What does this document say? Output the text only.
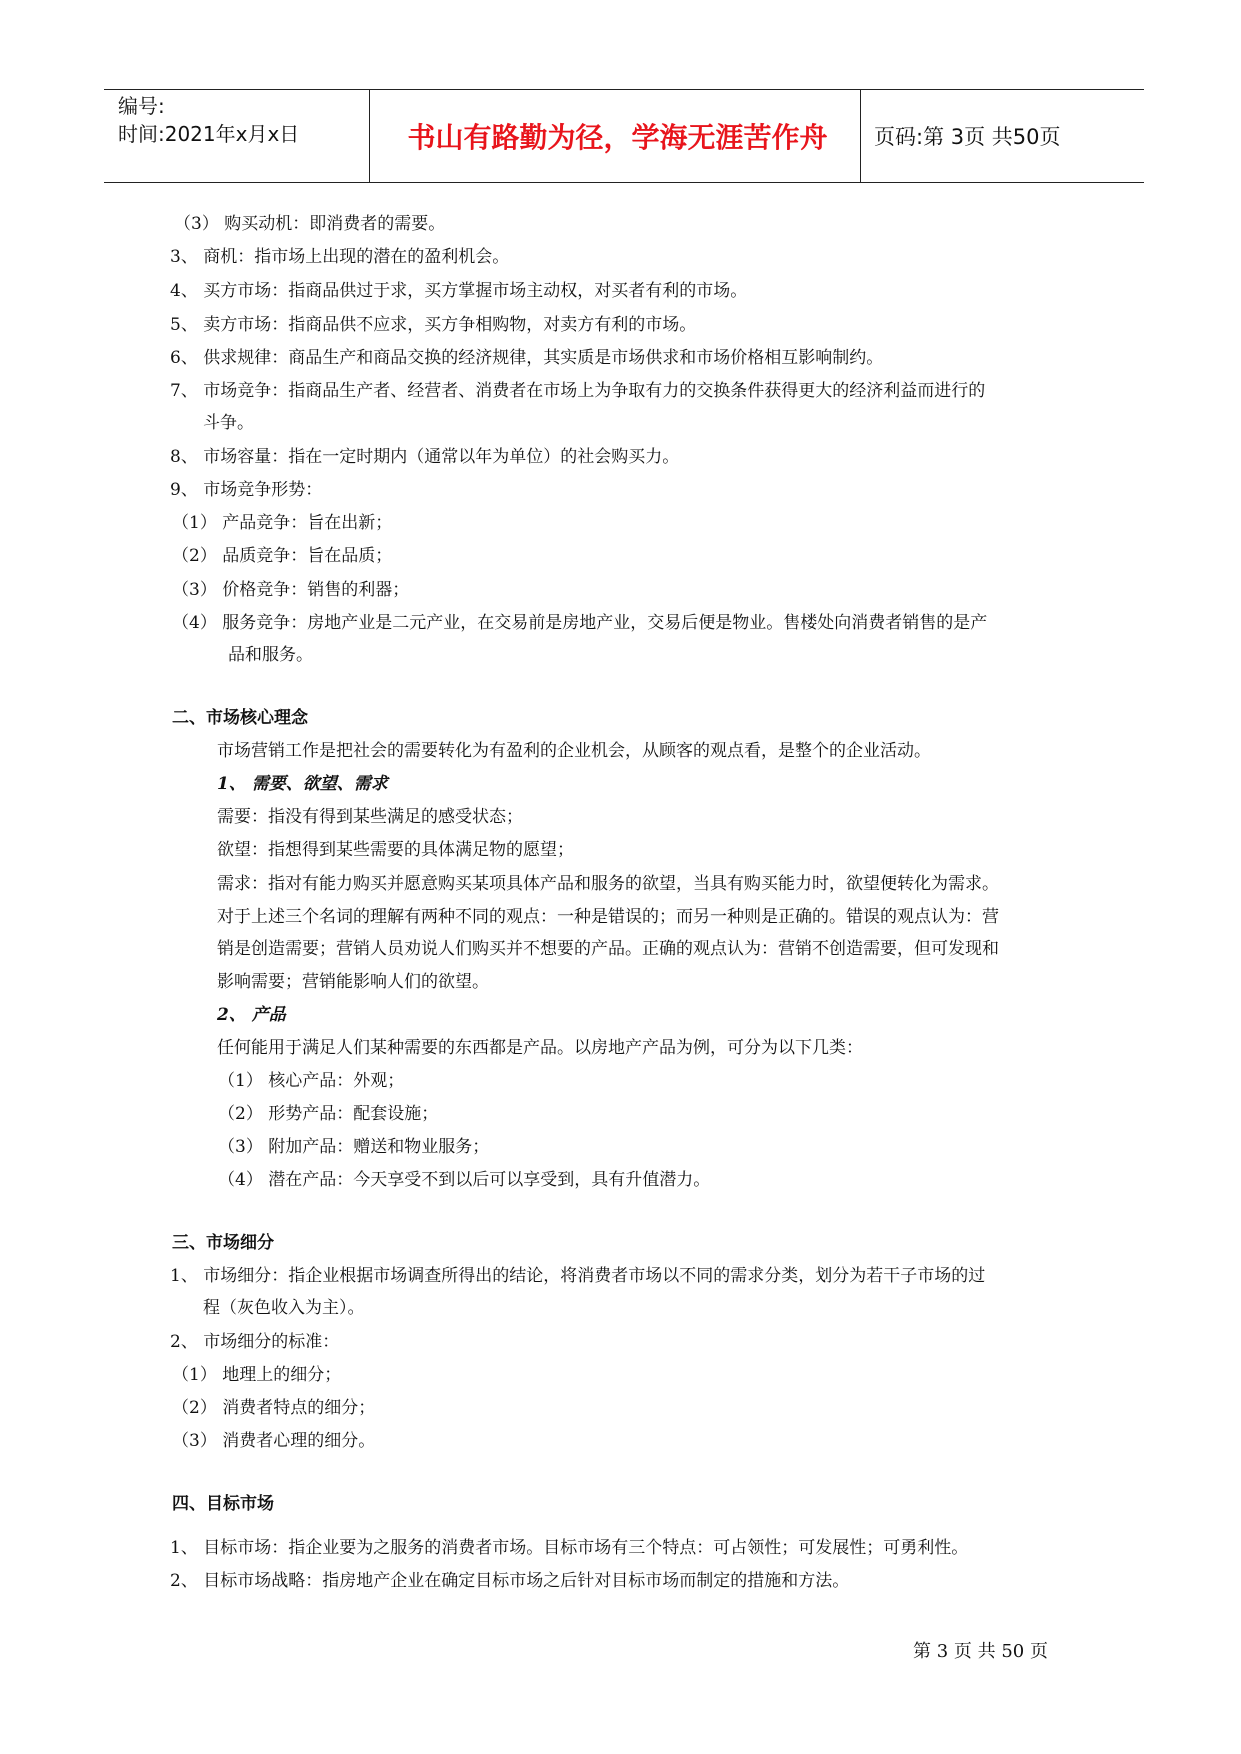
编号:
时间:2021年x月x日	书山有路勤为径，学海无涯苦作舟	页码:第 3页 共50页
（3） 购买动机：即消费者的需要。
3、 商机：指市场上出现的潜在的盈利机会。
4、 买方市场：指商品供过于求，买方掌握市场主动权，对买者有利的市场。
5、 卖方市场：指商品供不应求，买方争相购物，对卖方有利的市场。
6、 供求规律：商品生产和商品交换的经济规律，其实质是市场供求和市场价格相互影响制约。
7、 市场竞争：指商品生产者、经营者、消费者在市场上为争取有力的交换条件获得更大的经济利益而进行的
斗争。
8、 市场容量：指在一定时期内（通常以年为单位）的社会购买力。
9、 市场竞争形势：
（1） 产品竞争：旨在出新；
（2） 品质竞争：旨在品质；
（3） 价格竞争：销售的利器；
（4） 服务竞争：房地产业是二元产业，在交易前是房地产业，交易后便是物业。售楼处向消费者销售的是产
品和服务。
二、市场核心理念
市场营销工作是把社会的需要转化为有盈利的企业机会，从顾客的观点看，是整个的企业活动。
1、 需要、欲望、需求
需要：指没有得到某些满足的感受状态；
欲望：指想得到某些需要的具体满足物的愿望；
需求：指对有能力购买并愿意购买某项具体产品和服务的欲望，当具有购买能力时，欲望便转化为需求。
对于上述三个名词的理解有两种不同的观点：一种是错误的；而另一种则是正确的。错误的观点认为：营
销是创造需要；营销人员劝说人们购买并不想要的产品。正确的观点认为：营销不创造需要，但可发现和
影响需要；营销能影响人们的欲望。
2、 产品
任何能用于满足人们某种需要的东西都是产品。以房地产产品为例，可分为以下几类：
（1） 核心产品：外观；
（2） 形势产品：配套设施；
（3） 附加产品：赠送和物业服务；
（4） 潜在产品：今天享受不到以后可以享受到，具有升值潜力。
三、市场细分
1、 市场细分：指企业根据市场调查所得出的结论，将消费者市场以不同的需求分类，划分为若干子市场的过
程（灰色收入为主）。
2、 市场细分的标准：
（1） 地理上的细分；
（2） 消费者特点的细分；
（3） 消费者心理的细分。
四、目标市场
1、 目标市场：指企业要为之服务的消费者市场。目标市场有三个特点：可占领性；可发展性；可勇利性。
2、 目标市场战略：指房地产企业在确定目标市场之后针对目标市场而制定的措施和方法。
第 3 页 共 50 页
